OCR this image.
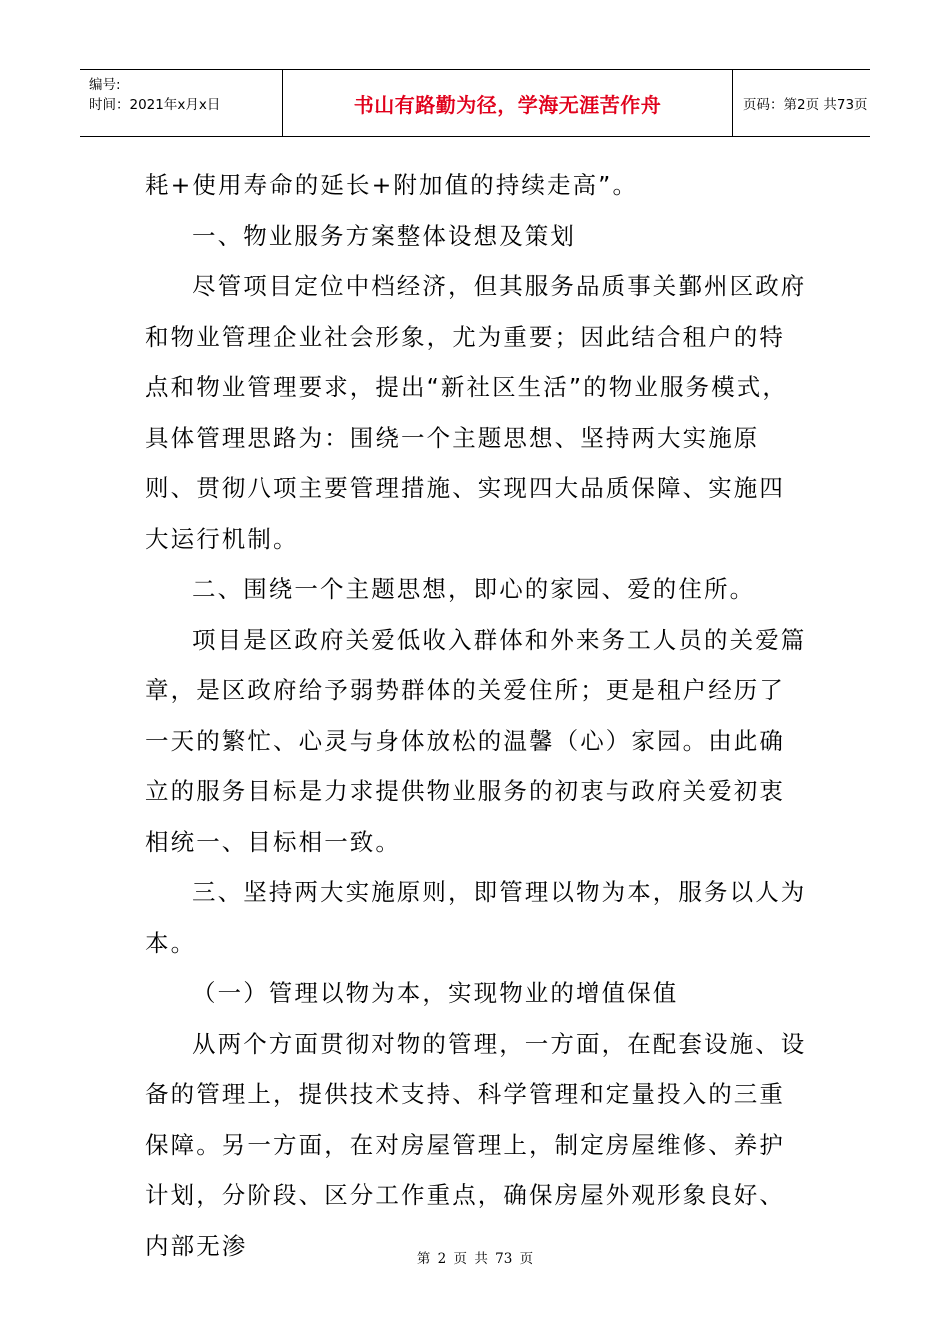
编号:
时间：2021年x月x日	书山有路勤为径，学海无涯苦作舟	页码：第2页 共73页

耗+使用寿命的延长+附加值的持续走高”。

一、物业服务方案整体设想及策划

尽管项目定位中档经济，但其服务品质事关鄞州区政府和物业管理企业社会形象，尤为重要；因此结合租户的特点和物业管理要求，提出“新社区生活”的物业服务模式，具体管理思路为：围绕一个主题思想、坚持两大实施原则、贯彻八项主要管理措施、实现四大品质保障、实施四大运行机制。

二、围绕一个主题思想，即心的家园、爱的住所。

项目是区政府关爱低收入群体和外来务工人员的关爱篇章，是区政府给予弱势群体的关爱住所；更是租户经历了一天的繁忙、心灵与身体放松的温馨（心）家园。由此确立的服务目标是力求提供物业服务的初衷与政府关爱初衷相统一、目标相一致。

三、坚持两大实施原则，即管理以物为本，服务以人为本。

（一）管理以物为本，实现物业的增值保值

从两个方面贯彻对物的管理，一方面，在配套设施、设备的管理上，提供技术支持、科学管理和定量投入的三重保障。另一方面，在对房屋管理上，制定房屋维修、养护计划，分阶段、区分工作重点，确保房屋外观形象良好、内部无渗	第 2 页 共 73 页
